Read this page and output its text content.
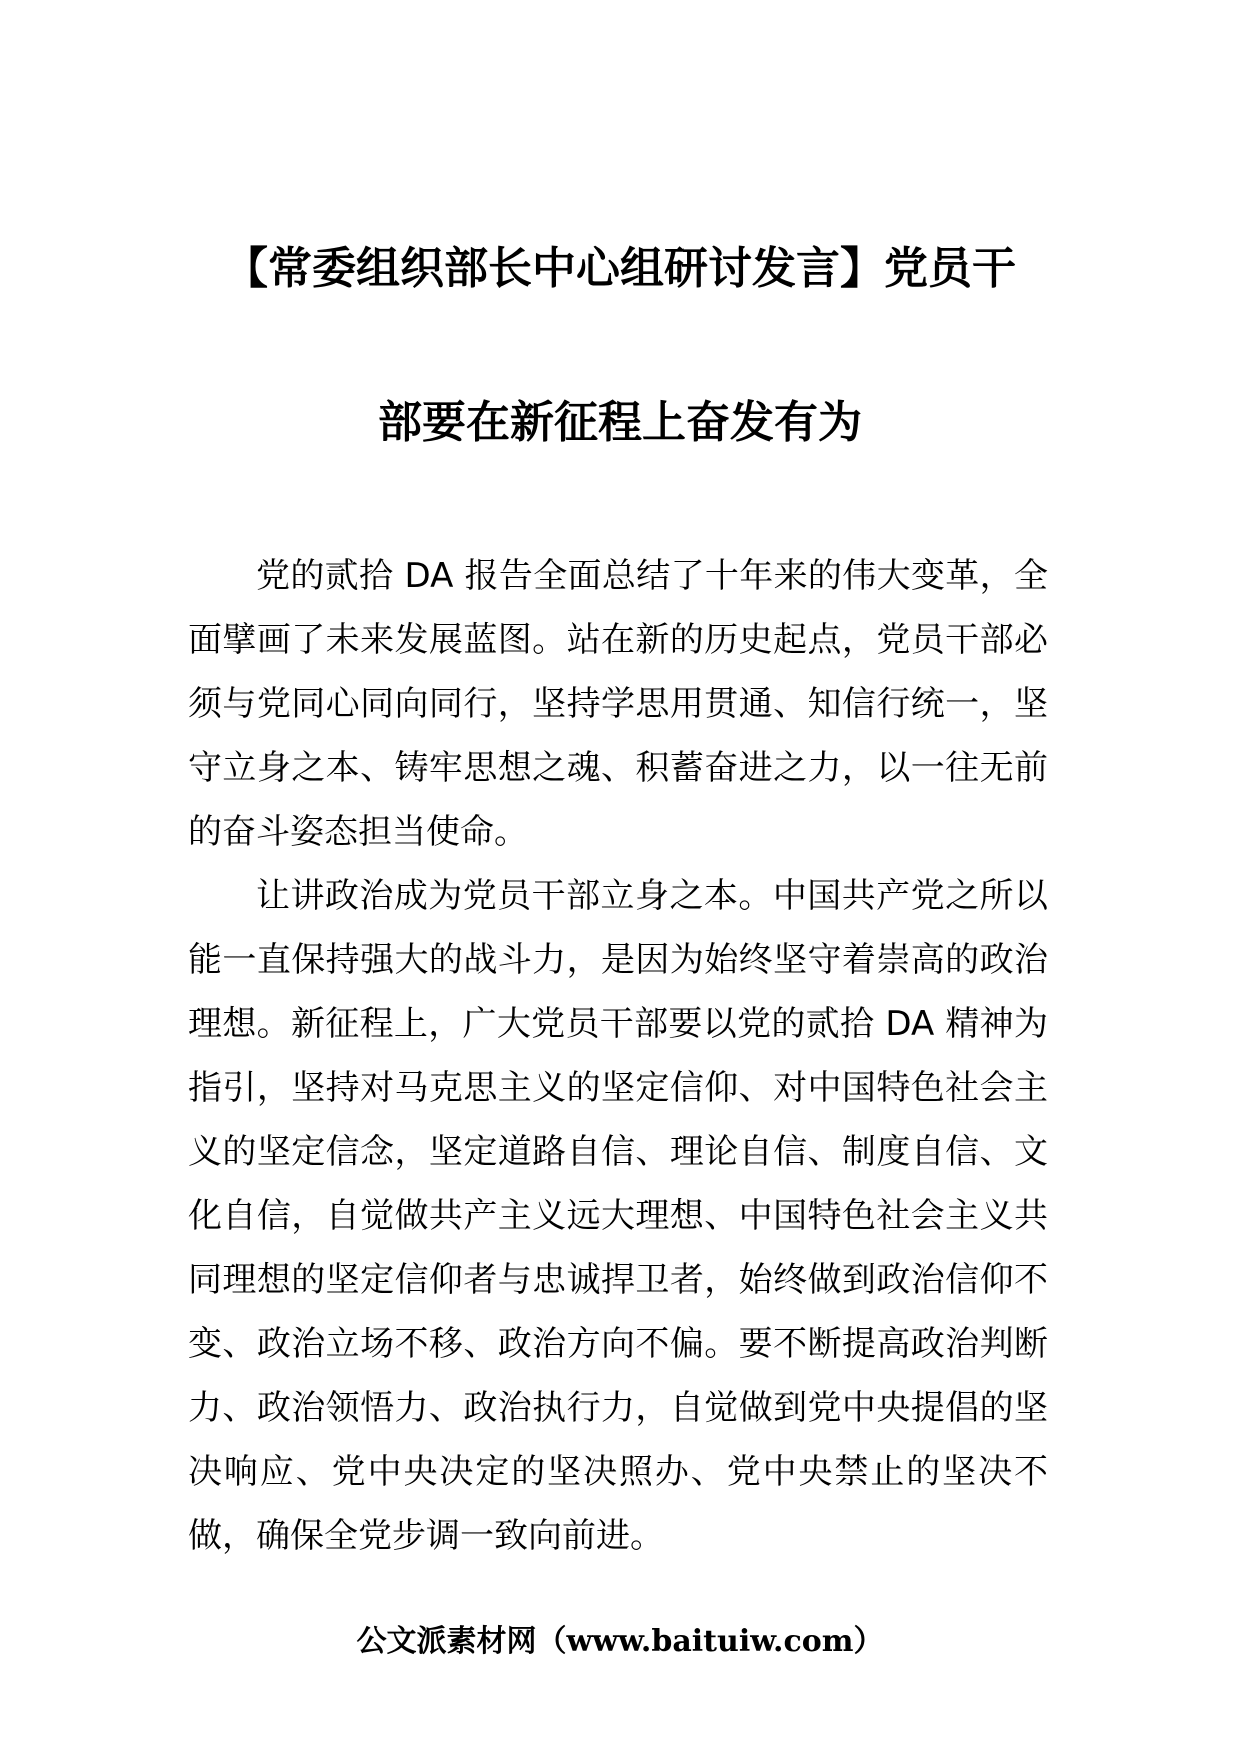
【常委组织部长中心组研讨发言】党员干
部要在新征程上奋发有为

党的贰拾 DA 报告全面总结了十年来的伟大变革，全面擘画了未来发展蓝图。站在新的历史起点，党员干部必须与党同心同向同行，坚持学思用贯通、知信行统一，坚守立身之本、铸牢思想之魂、积蓄奋进之力，以一往无前的奋斗姿态担当使命。

让讲政治成为党员干部立身之本。中国共产党之所以能一直保持强大的战斗力，是因为始终坚守着崇高的政治理想。新征程上，广大党员干部要以党的贰拾 DA 精神为指引，坚持对马克思主义的坚定信仰、对中国特色社会主义的坚定信念，坚定道路自信、理论自信、制度自信、文化自信，自觉做共产主义远大理想、中国特色社会主义共同理想的坚定信仰者与忠诚捍卫者，始终做到政治信仰不变、政治立场不移、政治方向不偏。要不断提高政治判断力、政治领悟力、政治执行力，自觉做到党中央提倡的坚决响应、党中央决定的坚决照办、党中央禁止的坚决不做，确保全党步调一致向前进。

公文派素材网（www.baituiw.com）
